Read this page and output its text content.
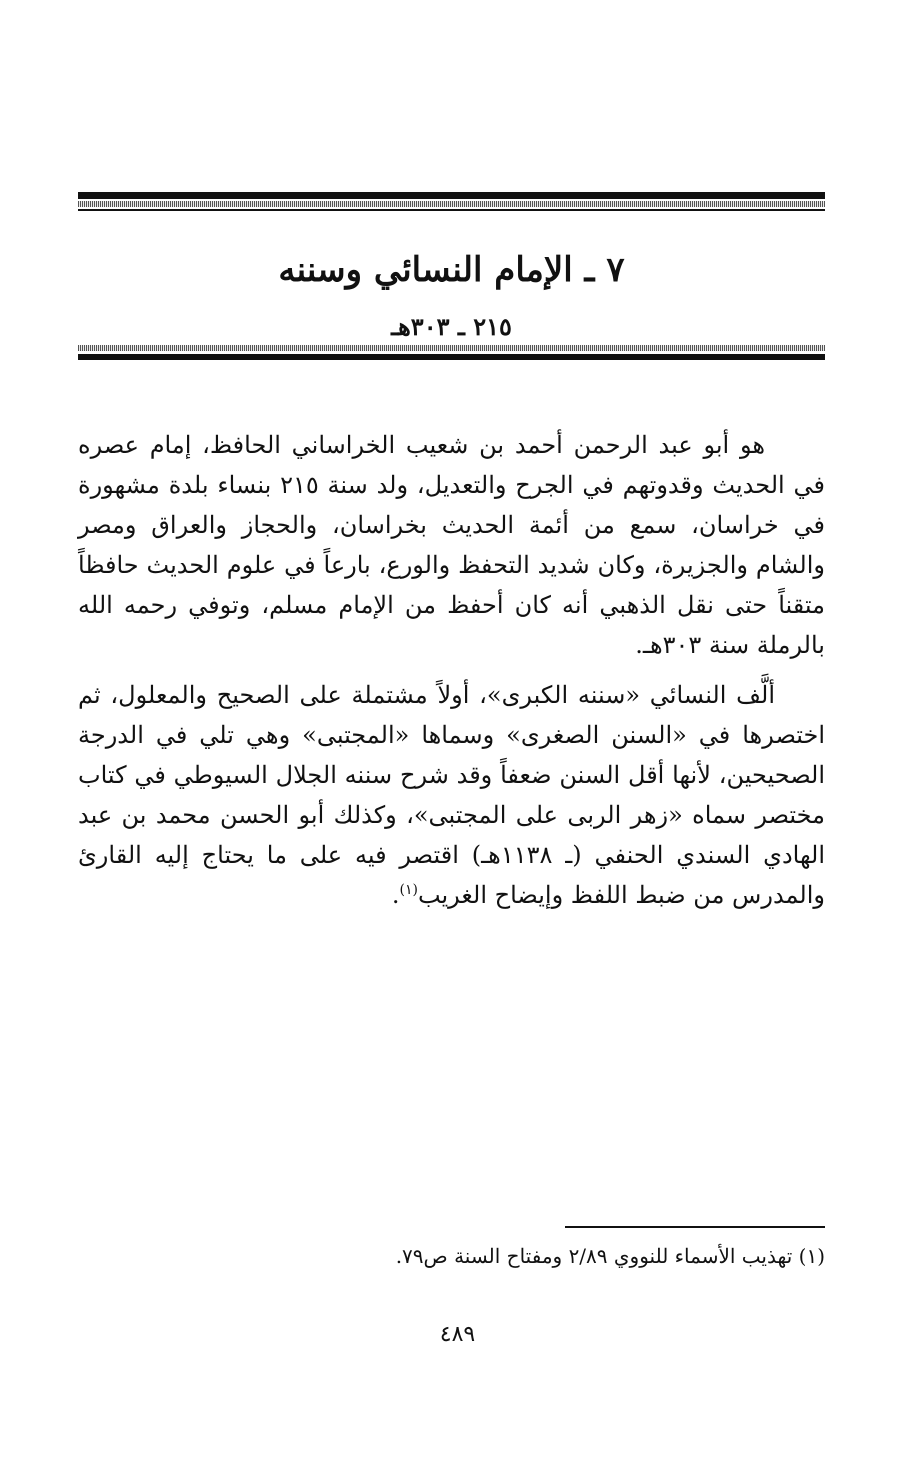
٧ ـ الإمام النسائي وسننه
٢١٥ ـ ٣٠٣هـ

هو أبو عبد الرحمن أحمد بن شعيب الخراساني الحافظ، إمام عصره في الحديث وقدوتهم في الجرح والتعديل، ولد سنة ٢١٥ بنساء بلدة مشهورة في خراسان، سمع من أئمة الحديث بخراسان، والحجاز والعراق ومصر والشام والجزيرة، وكان شديد التحفظ والورع، بارعاً في علوم الحديث حافظاً متقناً حتى نقل الذهبي أنه كان أحفظ من الإمام مسلم، وتوفي رحمه الله بالرملة سنة ٣٠٣هـ.

ألَّف النسائي «سننه الكبرى»، أولاً مشتملة على الصحيح والمعلول، ثم اختصرها في «السنن الصغرى» وسماها «المجتبى» وهي تلي في الدرجة الصحيحين، لأنها أقل السنن ضعفاً وقد شرح سننه الجلال السيوطي في كتاب مختصر سماه «زهر الربى على المجتبى»، وكذلك أبو الحسن محمد بن عبد الهادي السندي الحنفي (ـ ١١٣٨هـ) اقتصر فيه على ما يحتاج إليه القارئ والمدرس من ضبط اللفظ وإيضاح الغريب$^{(١)}$.

(١) تهذيب الأسماء للنووي ٢/٨٩ ومفتاح السنة ص٧٩.
٤٨٩
